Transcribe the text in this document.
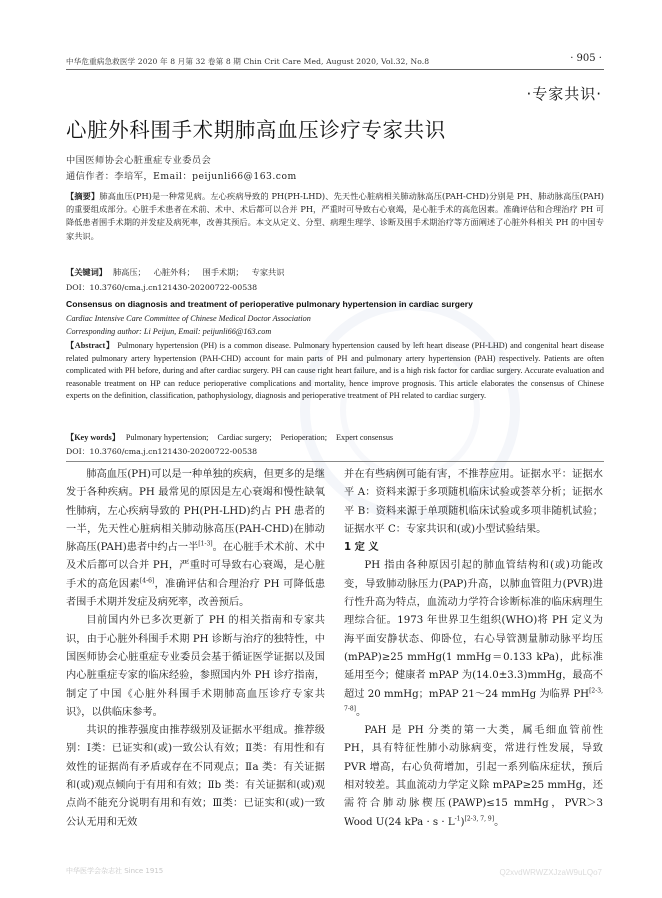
中华危重病急救医学 2020 年 8 月第 32 卷第 8 期 Chin Crit Care Med, August 2020, Vol.32, No.8	· 905 ·
·专家共识·
心脏外科围手术期肺高血压诊疗专家共识
中国医师协会心脏重症专业委员会
通信作者：李培军，Email：peijunli66@163.com
【摘要】肺高血压(PH)是一种常见病。左心疾病导致的 PH(PH-LHD)、先天性心脏病相关肺动脉高压(PAH-CHD)分别是 PH、肺动脉高压(PAH)的重要组成部分。心脏手术患者在术前、术中、术后都可以合并 PH，严重时可导致右心衰竭，是心脏手术的高危因素。准确评估和合理治疗 PH 可降低患者围手术期的并发症及病死率，改善其预后。本文从定义、分型、病理生理学、诊断及围手术期治疗等方面阐述了心脏外科相关 PH 的中国专家共识。
【关键词】 肺高压； 心脏外科； 围手术期； 专家共识
DOI：10.3760/cma.j.cn121430-20200722-00538
Consensus on diagnosis and treatment of perioperative pulmonary hypertension in cardiac surgery
Cardiac Intensive Care Committee of Chinese Medical Doctor Association
Corresponding author: Li Peijun, Email: peijunli66@163.com
【Abstract】 Pulmonary hypertension (PH) is a common disease. Pulmonary hypertension caused by left heart disease (PH-LHD) and congenital heart disease related pulmonary artery hypertension (PAH-CHD) account for main parts of PH and pulmonary artery hypertension (PAH) respectively. Patients are often complicated with PH before, during and after cardiac surgery. PH can cause right heart failure, and is a high risk factor for cardiac surgery. Accurate evaluation and reasonable treatment on HP can reduce perioperative complications and mortality, hence improve prognosis. This article elaborates the consensus of Chinese experts on the definition, classification, pathophysiology, diagnosis and perioperative treatment of PH related to cardiac surgery.
【Key words】 Pulmonary hypertension; Cardiac surgery; Perioperation; Expert consensus
DOI：10.3760/cma.j.cn121430-20200722-00538

肺高血压(PH)可以是一种单独的疾病，但更多的是继发于各种疾病。PH 最常见的原因是左心衰竭和慢性缺氧性肺病，左心疾病导致的 PH(PH-LHD)约占 PH 患者的一半，先天性心脏病相关肺动脉高压(PAH-CHD)在肺动脉高压(PAH)患者中约占一半[1-3]。在心脏手术术前、术中及术后都可以合并 PH，严重时可导致右心衰竭，是心脏手术的高危因素[4-6]，准确评估和合理治疗 PH 可降低患者围手术期并发症及病死率，改善预后。

目前国内外已多次更新了 PH 的相关指南和专家共识，由于心脏外科围手术期 PH 诊断与治疗的独特性，中国医师协会心脏重症专业委员会基于循证医学证据以及国内心脏重症专家的临床经验，参照国内外 PH 诊疗指南，制定了中国《心脏外科围手术期肺高血压诊疗专家共识》，以供临床参考。

共识的推荐强度由推荐级别及证据水平组成。推荐级别：Ⅰ类：已证实和(或)一致公认有效；Ⅱ类：有用性和有效性的证据尚有矛盾或存在不同观点；Ⅱa 类：有关证据和(或)观点倾向于有用和有效；Ⅱb 类：有关证据和(或)观点尚不能充分说明有用和有效；Ⅲ类：已证实和(或)一致公认无用和无效

并在有些病例可能有害，不推荐应用。证据水平：证据水平 A：资料来源于多项随机临床试验或荟萃分析；证据水平 B：资料来源于单项随机临床试验或多项非随机试验；证据水平 C：专家共识和(或)小型试验结果。

1 定 义

PH 指由各种原因引起的肺血管结构和(或)功能改变，导致肺动脉压力(PAP)升高，以肺血管阻力(PVR)进行性升高为特点，血流动力学符合诊断标准的临床病理生理综合征。1973 年世界卫生组织(WHO)将 PH 定义为海平面安静状态、仰卧位，右心导管测量肺动脉平均压(mPAP)≥25 mmHg(1 mmHg＝0.133 kPa)，此标准延用至今；健康者 mPAP 为(14.0±3.3)mmHg，最高不超过 20 mmHg；mPAP 21～24 mmHg 为临界 PH[2-3, 7-8]。

PAH 是 PH 分类的第一大类，属毛细血管前性 PH，具有特征性肺小动脉病变，常进行性发展，导致 PVR 增高，右心负荷增加，引起一系列临床症状，预后相对较差。其血流动力学定义除 mPAP≥25 mmHg，还需符合肺动脉楔压(PAWP)≤15 mmHg，PVR＞3 Wood U(24 kPa · $s \cdot L^{-1})[2-3, 7, 9]$。

中华医学会杂志社 Since 1915	Q2xvdWRWZXJzaW9uLQo7
